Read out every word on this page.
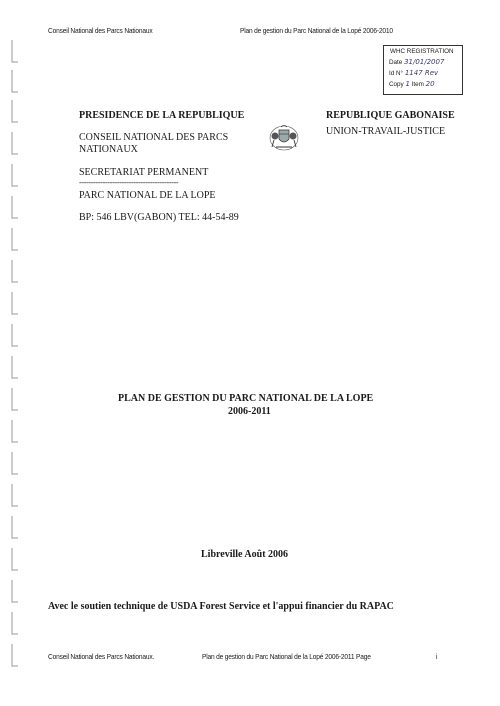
Conseil National des Parcs Nationaux	Plan de gestion du Parc National de la Lopé 2006-2010
WHC REGISTRATION
Date 31/01/2007
Id N° 1147 Rev
Copy 1 Item 20
PRESIDENCE DE LA REPUBLIQUE
CONSEIL NATIONAL DES PARCS
NATIONAUX
SECRETARIAT PERMANENT
------------------------------------------
PARC NATIONAL DE LA LOPE
BP: 546 LBV(GABON) TEL: 44-54-89
REPUBLIQUE GABONAISE
UNION-TRAVAIL-JUSTICE
PLAN DE GESTION DU PARC NATIONAL DE LA LOPE
2006-2011
Libreville Août 2006
Avec le soutien technique de USDA Forest Service et l'appui financier du RAPAC
Conseil National des Parcs Nationaux.	Plan de gestion du Parc National de la Lopé 2006-2011 Page	i
